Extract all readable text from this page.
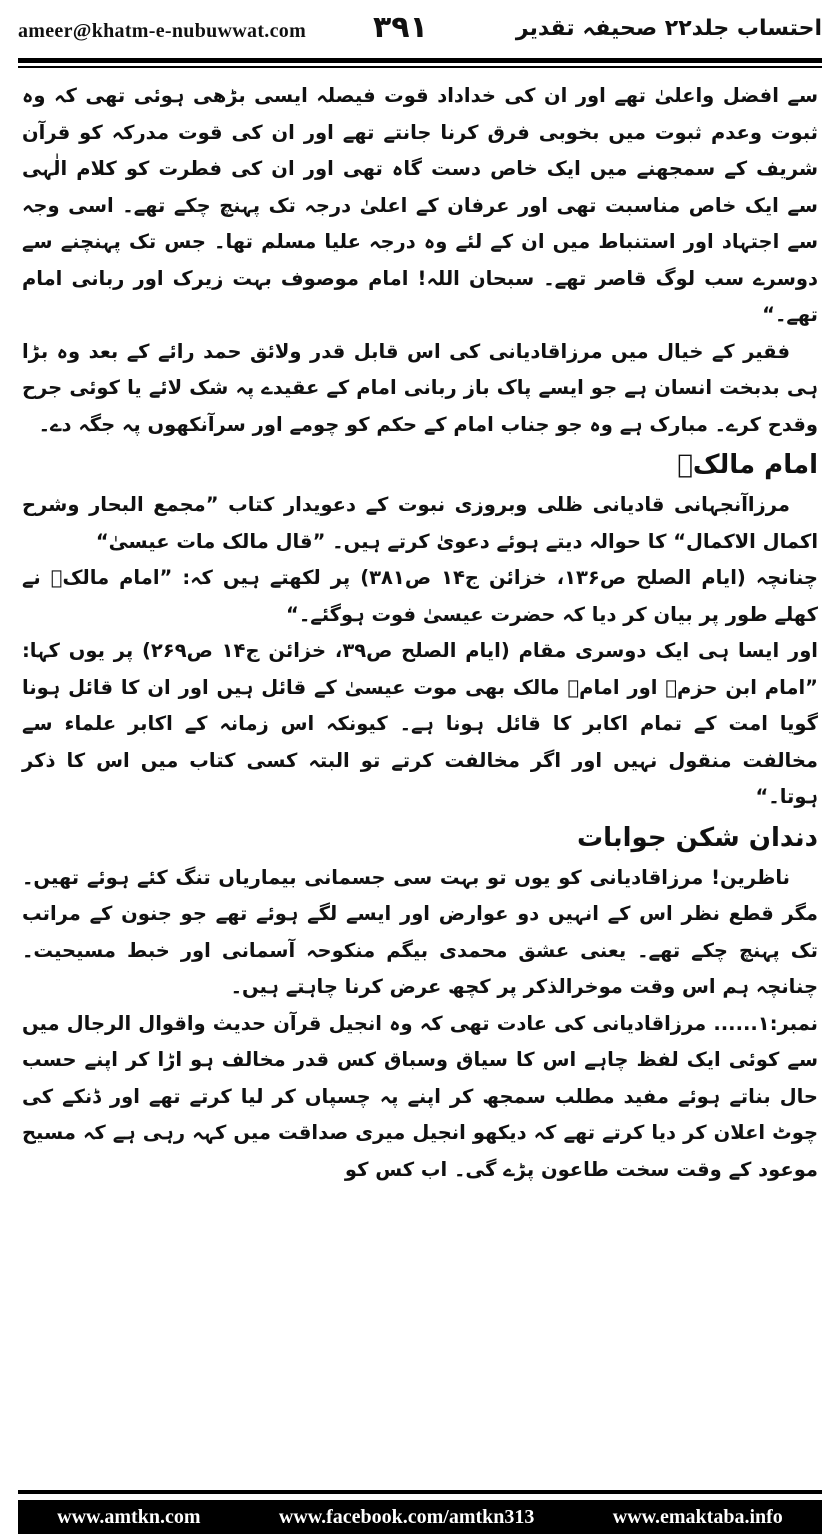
ameer@khatm-e-nubuwwat.com ۳۹۱	احتساب جلد۲۲ صحیفہ تقدیر

سے افضل واعلیٰ تھے اور ان کی خداداد قوت فیصلہ ایسی بڑھی ہوئی تھی کہ وہ ثبوت وعدم ثبوت میں بخوبی فرق کرنا جانتے تھے اور ان کی قوت مدرکہ کو قرآن شریف کے سمجھنے میں ایک خاص دست گاہ تھی اور ان کی فطرت کو کلام الٰہی سے ایک خاص مناسبت تھی اور عرفان کے اعلیٰ درجہ تک پہنچ چکے تھے۔ اسی وجہ سے اجتہاد اور استنباط میں ان کے لئے وہ درجہ علیا مسلم تھا۔ جس تک پہنچنے سے دوسرے سب لوگ قاصر تھے۔ سبحان اللہ! امام موصوف بہت زیرک اور ربانی امام تھے۔“

فقیر کے خیال میں مرزاقادیانی کی اس قابل قدر ولائق حمد رائے کے بعد وہ بڑا ہی بدبخت انسان ہے جو ایسے پاک باز ربانی امام کے عقیدے پہ شک لائے یا کوئی جرح وقدح کرے۔ مبارک ہے وہ جو جناب امام کے حکم کو چومے اور سرآنکھوں پہ جگہ دے۔

امام مالکؒ

مرزاآنجہانی قادیانی ظلی وبروزی نبوت کے دعویدار کتاب ”مجمع البحار وشرح اکمال الاکمال“ کا حوالہ دیتے ہوئے دعویٰ کرتے ہیں۔ ”قال مالک مات عیسیٰ“

چنانچہ (ایام الصلح ص۱۳۶، خزائن ج۱۴ ص۳۸۱) پر لکھتے ہیں کہ: ”امام مالکؒ نے کھلے طور پر بیان کر دیا کہ حضرت عیسیٰ فوت ہوگئے۔“

اور ایسا ہی ایک دوسری مقام (ایام الصلح ص۳۹، خزائن ج۱۴ ص۲۶۹) پر یوں کہا: ”امام ابن حزمؒ اور امامؒ مالک بھی موت عیسیٰ کے قائل ہیں اور ان کا قائل ہونا گویا امت کے تمام اکابر کا قائل ہونا ہے۔ کیونکہ اس زمانہ کے اکابر علماء سے مخالفت منقول نہیں اور اگر مخالفت کرتے تو البتہ کسی کتاب میں اس کا ذکر ہوتا۔“

دندان شکن جوابات

ناظرین! مرزاقادیانی کو یوں تو بہت سی جسمانی بیماریاں تنگ کئے ہوئے تھیں۔ مگر قطع نظر اس کے انہیں دو عوارض اور ایسے لگے ہوئے تھے جو جنون کے مراتب تک پہنچ چکے تھے۔ یعنی عشق محمدی بیگم منکوحہ آسمانی اور خبط مسیحیت۔ چنانچہ ہم اس وقت موخرالذکر پر کچھ عرض کرنا چاہتے ہیں۔

نمبر:۱...... مرزاقادیانی کی عادت تھی کہ وہ انجیل قرآن حدیث واقوال الرجال میں سے کوئی ایک لفظ چاہے اس کا سیاق وسباق کس قدر مخالف ہو اڑا کر اپنے حسب حال بناتے ہوئے مفید مطلب سمجھ کر اپنے پہ چسپاں کر لیا کرتے تھے اور ڈنکے کی چوٹ اعلان کر دیا کرتے تھے کہ دیکھو انجیل میری صداقت میں کہہ رہی ہے کہ مسیح موعود کے وقت سخت طاعون پڑے گی۔ اب کس کو

www.amtkn.com	www.facebook.com/amtkn313	www.emaktaba.info
